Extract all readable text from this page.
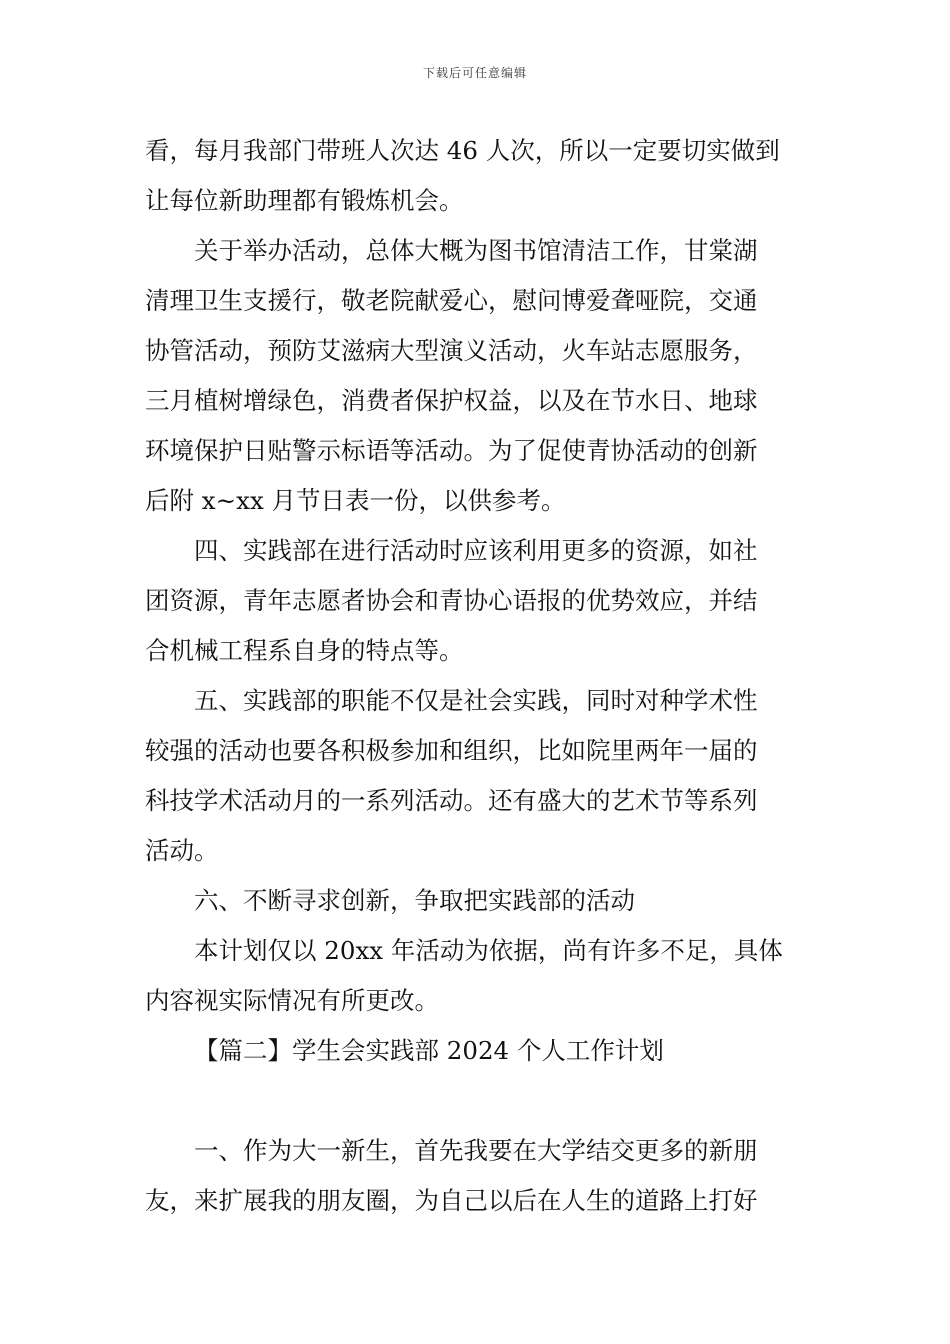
下载后可任意编辑
看，每月我部门带班人次达 46 人次，所以一定要切实做到
让每位新助理都有锻炼机会。
关于举办活动，总体大概为图书馆清洁工作，甘棠湖
清理卫生支援行，敬老院献爱心，慰问博爱聋哑院，交通
协管活动，预防艾滋病大型演义活动，火车站志愿服务，
三月植树增绿色，消费者保护权益，以及在节水日、地球
环境保护日贴警示标语等活动。为了促使青协活动的创新
后附 x~xx 月节日表一份，以供参考。
四、实践部在进行活动时应该利用更多的资源，如社
团资源，青年志愿者协会和青协心语报的优势效应，并结
合机械工程系自身的特点等。
五、实践部的职能不仅是社会实践，同时对种学术性
较强的活动也要各积极参加和组织，比如院里两年一届的
科技学术活动月的一系列活动。还有盛大的艺术节等系列
活动。
六、不断寻求创新，争取把实践部的活动
本计划仅以 20xx 年活动为依据，尚有许多不足，具体
内容视实际情况有所更改。
【篇二】学生会实践部 2024 个人工作计划
一、作为大一新生，首先我要在大学结交更多的新朋
友，来扩展我的朋友圈，为自己以后在人生的道路上打好
